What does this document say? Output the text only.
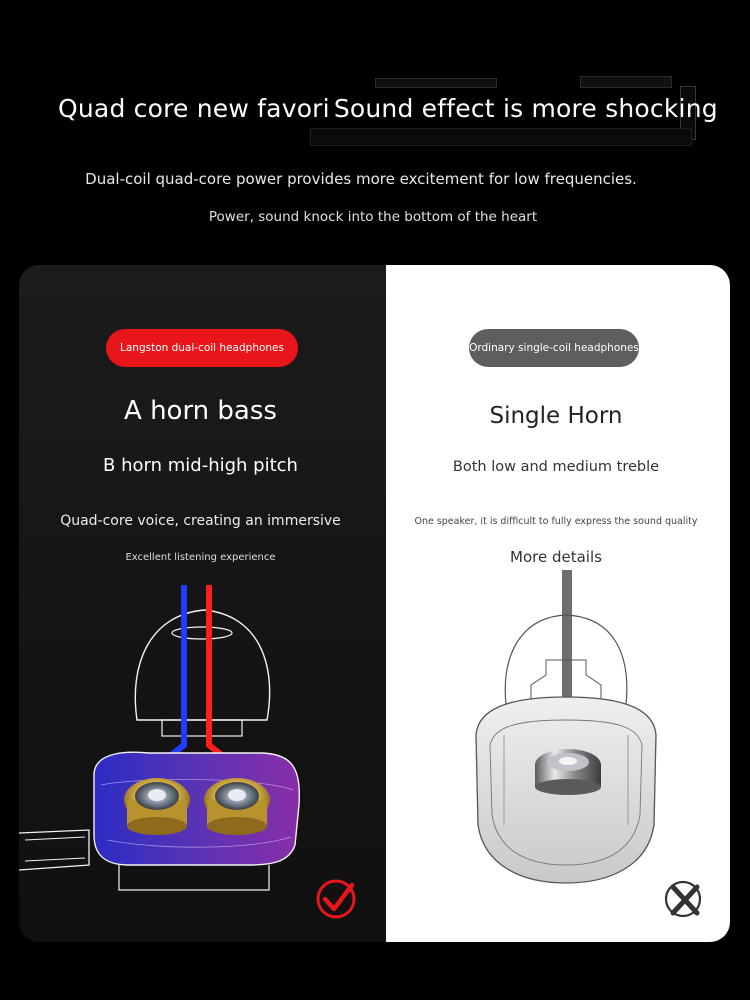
Quad core new favori Sound effect is more shocking
Dual-coil quad-core power provides more excitement for low frequencies.
Power, sound knock into the bottom of the heart
Langston dual-coil headphones
A horn bass
B horn mid-high pitch
Quad-core voice, creating an immersive
Excellent listening experience
Ordinary single-coil headphones
Single Horn
Both low and medium treble
One speaker, it is difficult to fully express the sound quality
More details
